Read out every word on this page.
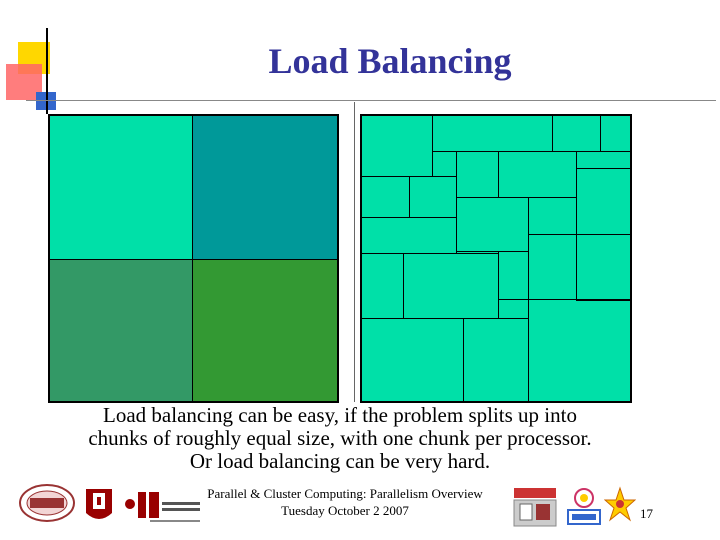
Load Balancing
Load balancing can be easy, if the problem splits up into
chunks of roughly equal size, with one chunk per processor.
Or load balancing can be very hard.
Parallel & Cluster Computing: Parallelism Overview
Tuesday October 2 2007	17
